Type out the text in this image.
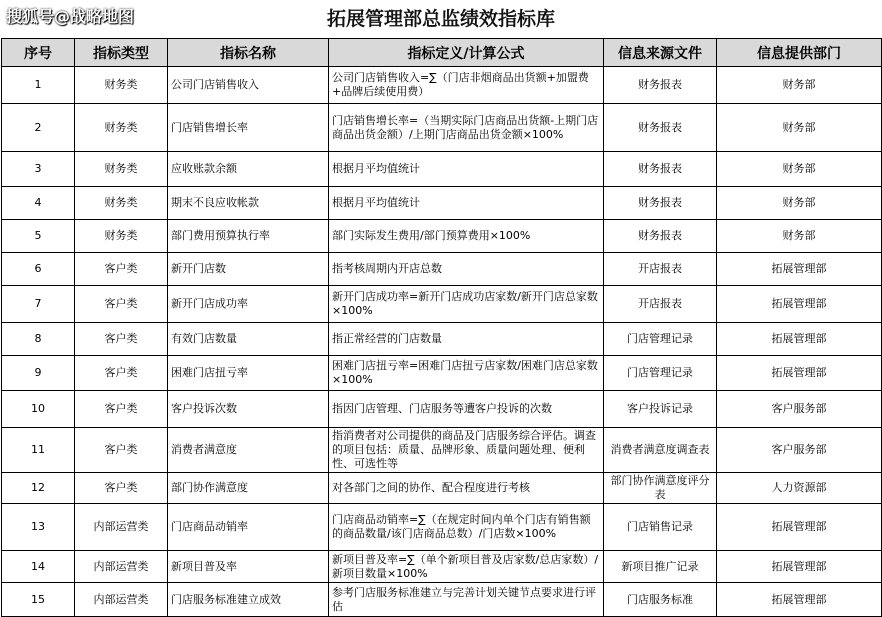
搜狐号@战略地图	拓展管理部总监绩效指标库
序号	指标类型	指标名称	指标定义/计算公式	信息来源文件	信息提供部门
1	财务类	公司门店销售收入	公司门店销售收入=∑（门店非烟商品出货额+加盟费+品牌后续使用费）	财务报表	财务部
2	财务类	门店销售增长率	门店销售增长率=（当期实际门店商品出货额-上期门店商品出货金额）/上期门店商品出货金额×100%	财务报表	财务部
3	财务类	应收账款余额	根据月平均值统计	财务报表	财务部
4	财务类	期末不良应收帐款	根据月平均值统计	财务报表	财务部
5	财务类	部门费用预算执行率	部门实际发生费用/部门预算费用×100%	财务报表	财务部
6	客户类	新开门店数	指考核周期内开店总数	开店报表	拓展管理部
7	客户类	新开门店成功率	新开门店成功率=新开门店成功店家数/新开门店总家数×100%	开店报表	拓展管理部
8	客户类	有效门店数量	指正常经营的门店数量	门店管理记录	拓展管理部
9	客户类	困难门店扭亏率	困难门店扭亏率=困难门店扭亏店家数/困难门店总家数×100%	门店管理记录	拓展管理部
10	客户类	客户投诉次数	指因门店管理、门店服务等遭客户投诉的次数	客户投诉记录	客户服务部
11	客户类	消费者满意度	指消费者对公司提供的商品及门店服务综合评估。调查的项目包括：质量、品牌形象、质量问题处理、便利性、可选性等	消费者满意度调查表	客户服务部
12	客户类	部门协作满意度	对各部门之间的协作、配合程度进行考核	部门协作满意度评分表	人力资源部
13	内部运营类	门店商品动销率	门店商品动销率=∑（在规定时间内单个门店有销售额的商品数量/该门店商品总数）/门店数×100%	门店销售记录	拓展管理部
14	内部运营类	新项目普及率	新项目普及率=∑（单个新项目普及店家数/总店家数）/新项目数量×100%	新项目推广记录	拓展管理部
15	内部运营类	门店服务标准建立成效	参考门店服务标准建立与完善计划关键节点要求进行评估	门店服务标准	拓展管理部
